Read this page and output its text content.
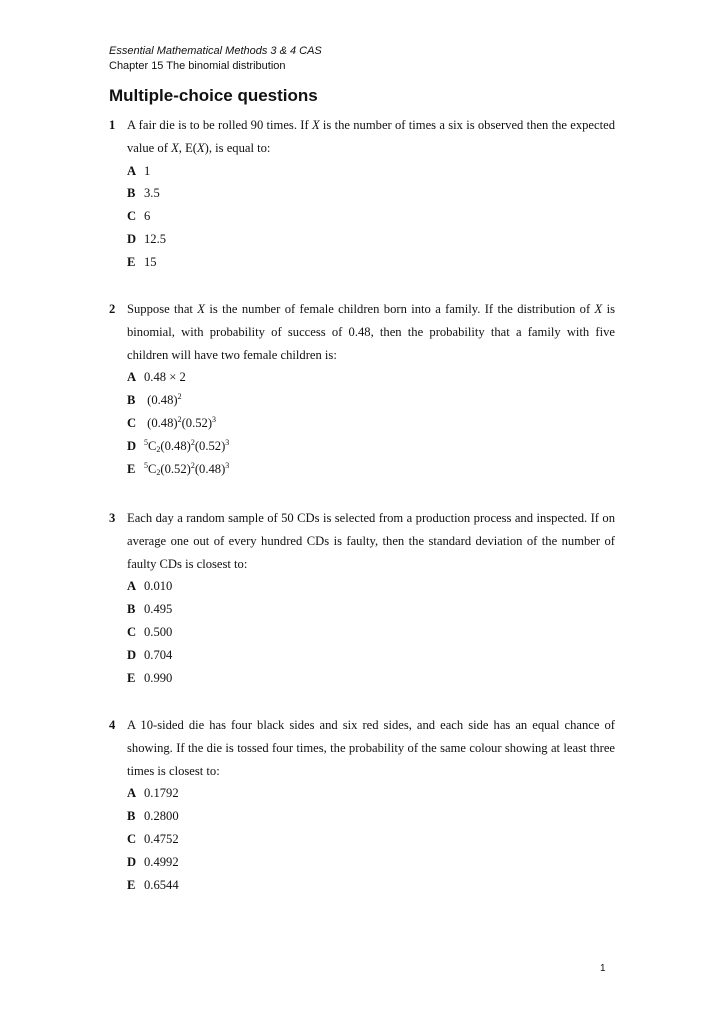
Essential Mathematical Methods 3 & 4 CAS
Chapter 15 The binomial distribution
Multiple-choice questions
1 A fair die is to be rolled 90 times. If X is the number of times a six is observed then the expected value of X, E(X), is equal to:
A 1
B 3.5
C 6
D 12.5
E 15
2 Suppose that X is the number of female children born into a family. If the distribution of X is binomial, with probability of success of 0.48, then the probability that a family with five children will have two female children is:
A 0.48 × 2
B $(0.48)^2$
C $(0.48)^2(0.52)^3$
D $^5C_2(0.48)^2(0.52)^3$
E $^5C_2(0.52)^2(0.48)^3$
3 Each day a random sample of 50 CDs is selected from a production process and inspected. If on average one out of every hundred CDs is faulty, then the standard deviation of the number of faulty CDs is closest to:
A 0.010
B 0.495
C 0.500
D 0.704
E 0.990
4 A 10-sided die has four black sides and six red sides, and each side has an equal chance of showing. If the die is tossed four times, the probability of the same colour showing at least three times is closest to:
A 0.1792
B 0.2800
C 0.4752
D 0.4992
E 0.6544
1
